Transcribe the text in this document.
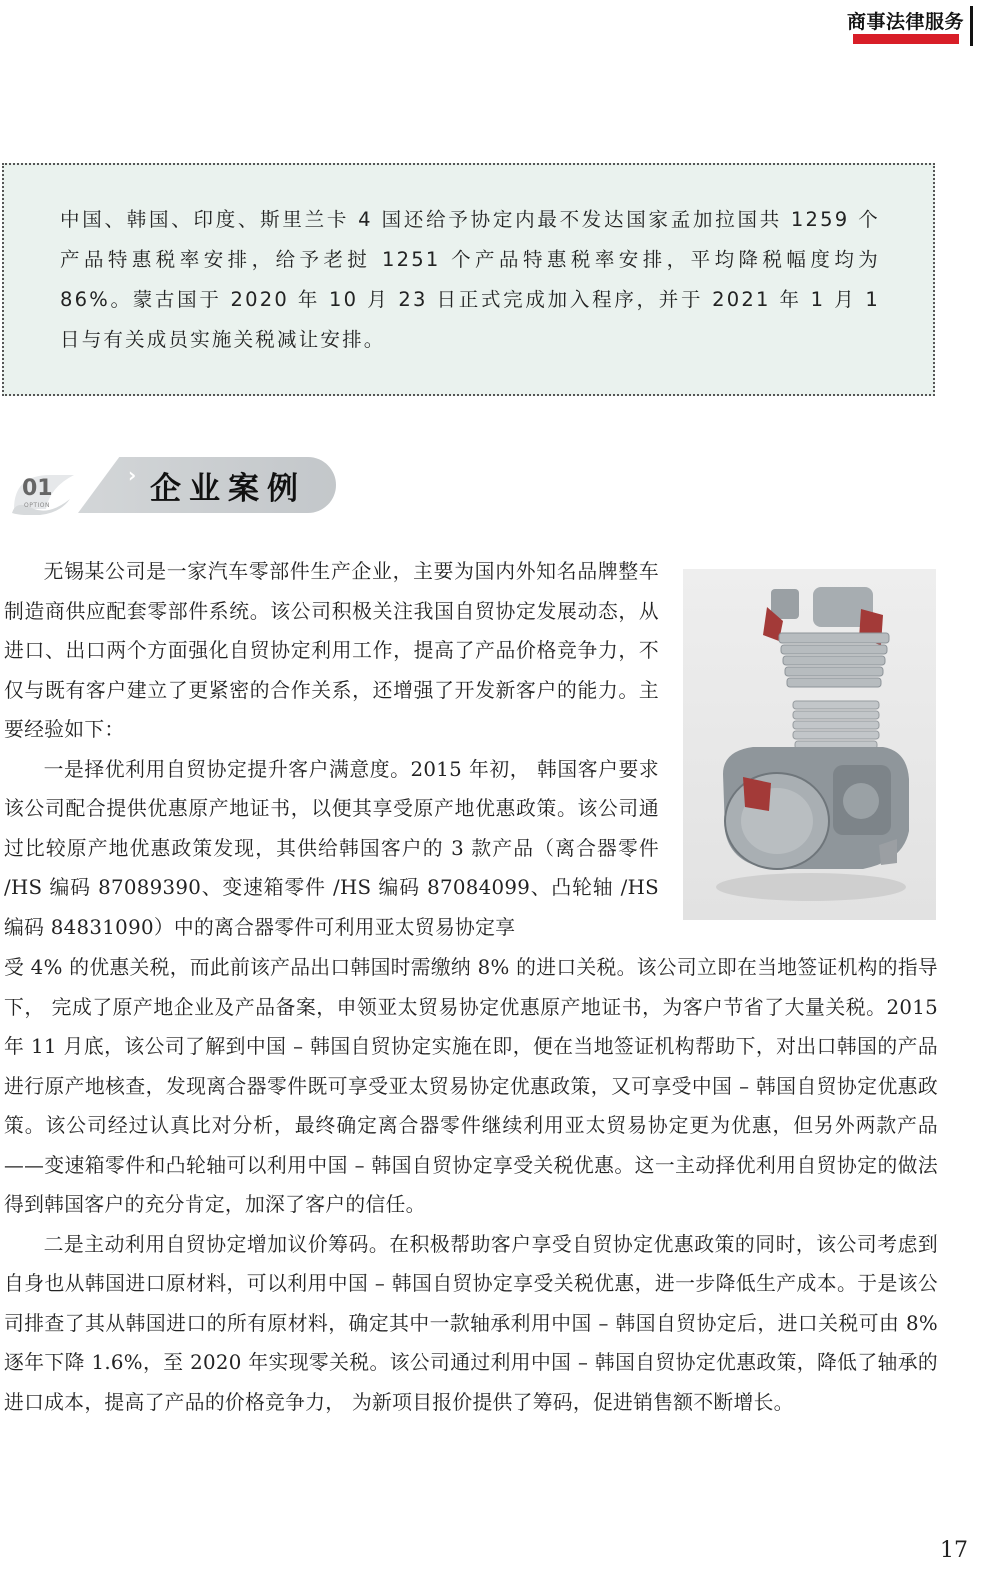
商事法律服务
中国、韩国、印度、斯里兰卡 4 国还给予协定内最不发达国家孟加拉国共 1259 个产品特惠税率安排，给予老挝 1251 个产品特惠税率安排，平均降税幅度均为 86%。蒙古国于 2020 年 10 月 23 日正式完成加入程序，并于 2021 年 1 月 1 日与有关成员实施关税减让安排。
01
OPTION
› 企业案例

无锡某公司是一家汽车零部件生产企业，主要为国内外知名品牌整车制造商供应配套零部件系统。该公司积极关注我国自贸协定发展动态，从进口、出口两个方面强化自贸协定利用工作，提高了产品价格竞争力，不仅与既有客户建立了更紧密的合作关系，还增强了开发新客户的能力。主要经验如下：

一是择优利用自贸协定提升客户满意度。2015 年初， 韩国客户要求该公司配合提供优惠原产地证书，以便其享受原产地优惠政策。该公司通过比较原产地优惠政策发现，其供给韩国客户的 3 款产品（离合器零件 /HS 编码 87089390、变速箱零件 /HS 编码 87084099、凸轮轴 /HS 编码 84831090）中的离合器零件可利用亚太贸易协定享

受 4% 的优惠关税，而此前该产品出口韩国时需缴纳 8% 的进口关税。该公司立即在当地签证机构的指导下， 完成了原产地企业及产品备案，申领亚太贸易协定优惠原产地证书，为客户节省了大量关税。2015 年 11 月底，该公司了解到中国 – 韩国自贸协定实施在即，便在当地签证机构帮助下，对出口韩国的产品进行原产地核查，发现离合器零件既可享受亚太贸易协定优惠政策，又可享受中国 – 韩国自贸协定优惠政策。该公司经过认真比对分析，最终确定离合器零件继续利用亚太贸易协定更为优惠，但另外两款产品——变速箱零件和凸轮轴可以利用中国 – 韩国自贸协定享受关税优惠。这一主动择优利用自贸协定的做法得到韩国客户的充分肯定，加深了客户的信任。

二是主动利用自贸协定增加议价筹码。在积极帮助客户享受自贸协定优惠政策的同时，该公司考虑到自身也从韩国进口原材料，可以利用中国 – 韩国自贸协定享受关税优惠，进一步降低生产成本。于是该公司排查了其从韩国进口的所有原材料，确定其中一款轴承利用中国 – 韩国自贸协定后，进口关税可由 8% 逐年下降 1.6%，至 2020 年实现零关税。该公司通过利用中国 – 韩国自贸协定优惠政策，降低了轴承的进口成本，提高了产品的价格竞争力， 为新项目报价提供了筹码，促进销售额不断增长。

17
